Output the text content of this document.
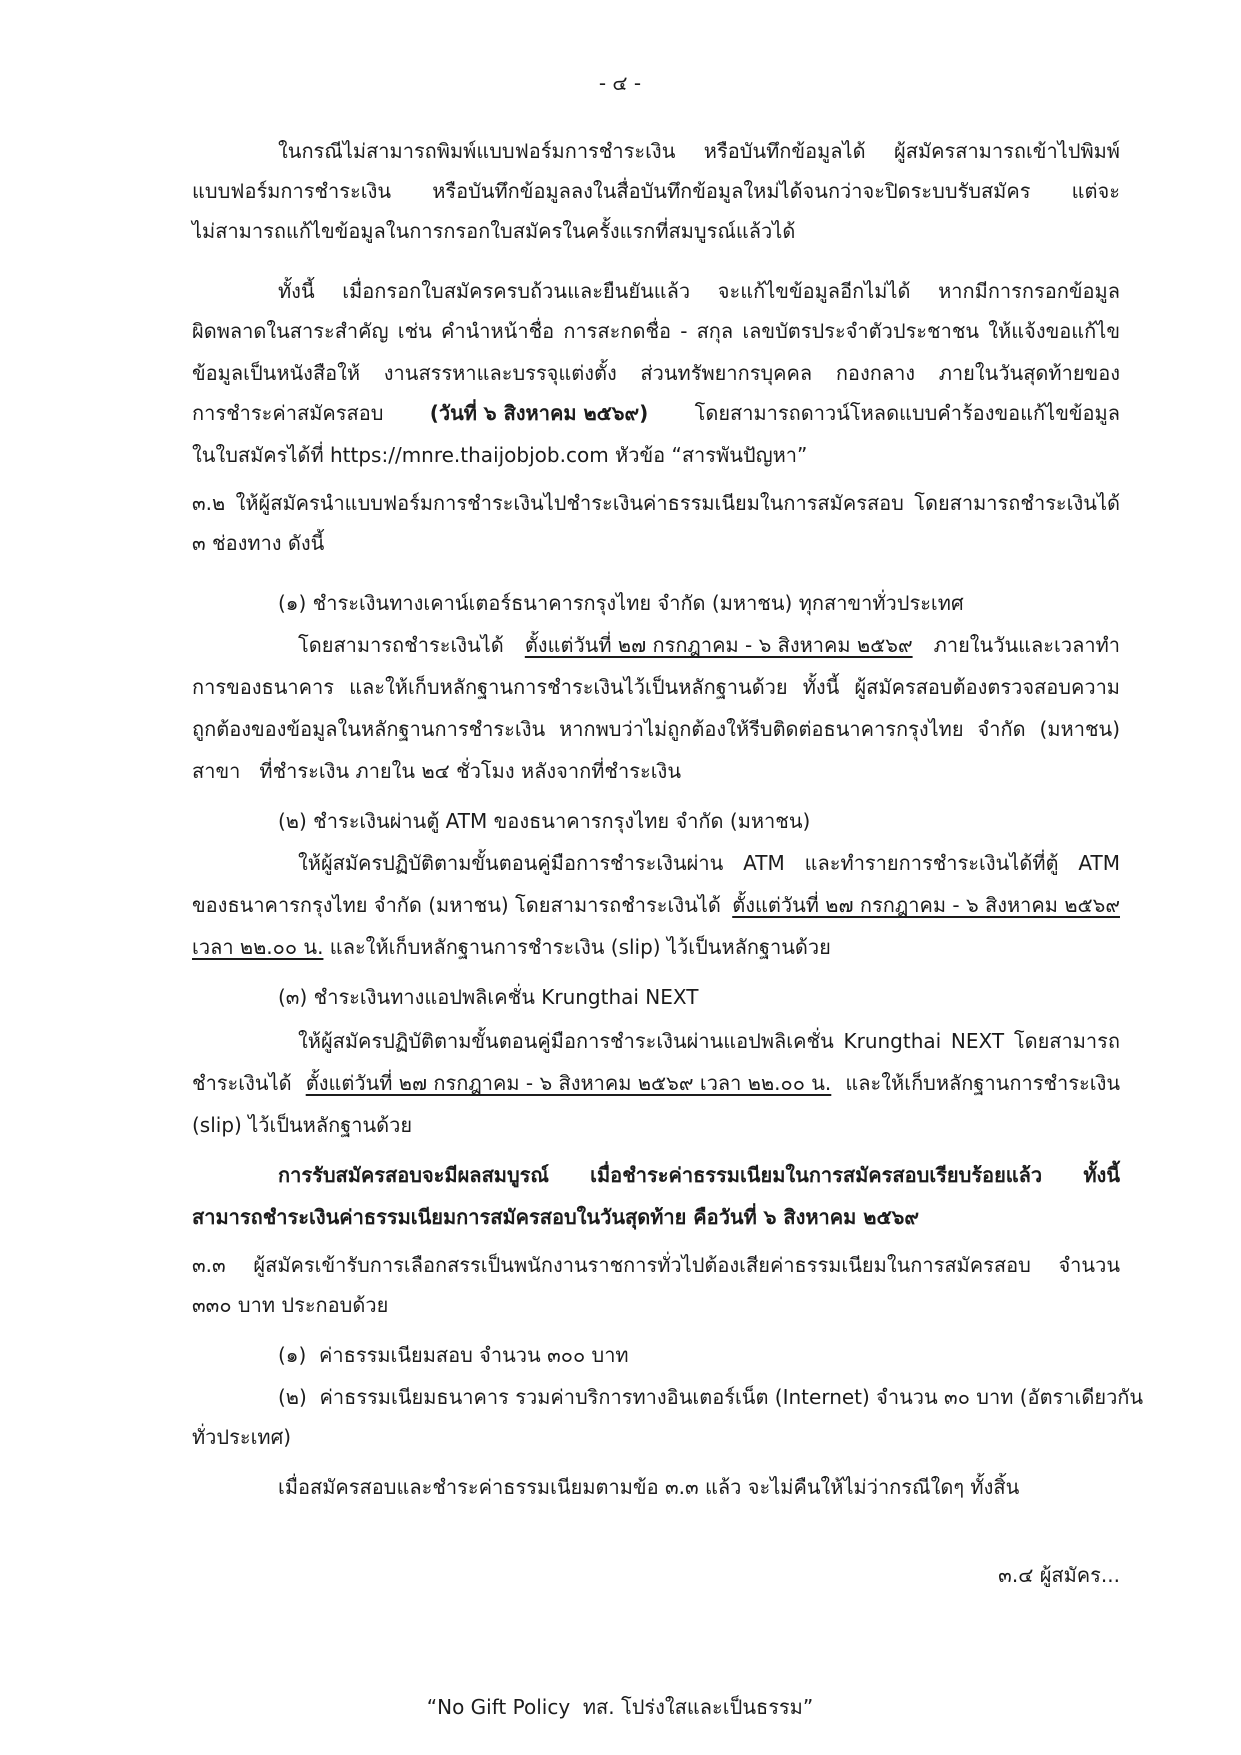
- ๔ -
ในกรณีไม่สามารถพิมพ์แบบฟอร์มการชำระเงิน หรือบันทึกข้อมูลได้ ผู้สมัครสามารถเข้าไปพิมพ์
แบบฟอร์มการชำระเงิน หรือบันทึกข้อมูลลงในสื่อบันทึกข้อมูลใหม่ได้จนกว่าจะปิดระบบรับสมัคร แต่จะ
ไม่สามารถแก้ไขข้อมูลในการกรอกใบสมัครในครั้งแรกที่สมบูรณ์แล้วได้
ทั้งนี้ เมื่อกรอกใบสมัครครบถ้วนและยืนยันแล้ว จะแก้ไขข้อมูลอีกไม่ได้ หากมีการกรอกข้อมูล
ผิดพลาดในสาระสำคัญ เช่น คำนำหน้าชื่อ การสะกดชื่อ - สกุล เลขบัตรประจำตัวประชาชน ให้แจ้งขอแก้ไข
ข้อมูลเป็นหนังสือให้ งานสรรหาและบรรจุแต่งตั้ง ส่วนทรัพยากรบุคคล กองกลาง ภายในวันสุดท้ายของ
การชำระค่าสมัครสอบ (วันที่ ๖ สิงหาคม ๒๕๖๙) โดยสามารถดาวน์โหลดแบบคำร้องขอแก้ไขข้อมูล
ในใบสมัครได้ที่ https://mnre.thaijobjob.com หัวข้อ “สารพันปัญหา”
๓.๒ ให้ผู้สมัครนำแบบฟอร์มการชำระเงินไปชำระเงินค่าธรรมเนียมในการสมัครสอบ โดยสามารถชำระเงินได้
๓ ช่องทาง ดังนี้
(๑) ชำระเงินทางเคาน์เตอร์ธนาคารกรุงไทย จำกัด (มหาชน) ทุกสาขาทั่วประเทศ
โดยสามารถชำระเงินได้ ตั้งแต่วันที่ ๒๗ กรกฎาคม - ๖ สิงหาคม ๒๕๖๙ ภายในวันและเวลาทำ
การของธนาคาร และให้เก็บหลักฐานการชำระเงินไว้เป็นหลักฐานด้วย ทั้งนี้ ผู้สมัครสอบต้องตรวจสอบความ
ถูกต้องของข้อมูลในหลักฐานการชำระเงิน หากพบว่าไม่ถูกต้องให้รีบติดต่อธนาคารกรุงไทย จำกัด (มหาชน)
สาขา   ที่ชำระเงิน ภายใน ๒๔ ชั่วโมง หลังจากที่ชำระเงิน
(๒) ชำระเงินผ่านตู้ ATM ของธนาคารกรุงไทย จำกัด (มหาชน)
ให้ผู้สมัครปฏิบัติตามขั้นตอนคู่มือการชำระเงินผ่าน ATM และทำรายการชำระเงินได้ที่ตู้ ATM
ของธนาคารกรุงไทย จำกัด (มหาชน) โดยสามารถชำระเงินได้ ตั้งแต่วันที่ ๒๗ กรกฎาคม - ๖ สิงหาคม ๒๕๖๙
เวลา ๒๒.๐๐ น. และให้เก็บหลักฐานการชำระเงิน (slip) ไว้เป็นหลักฐานด้วย
(๓) ชำระเงินทางแอปพลิเคชั่น Krungthai NEXT
ให้ผู้สมัครปฏิบัติตามขั้นตอนคู่มือการชำระเงินผ่านแอปพลิเคชั่น Krungthai NEXT โดยสามารถ
ชำระเงินได้ ตั้งแต่วันที่ ๒๗ กรกฎาคม - ๖ สิงหาคม ๒๕๖๙ เวลา ๒๒.๐๐ น. และให้เก็บหลักฐานการชำระเงิน
(slip) ไว้เป็นหลักฐานด้วย
การรับสมัครสอบจะมีผลสมบูรณ์ เมื่อชำระค่าธรรมเนียมในการสมัครสอบเรียบร้อยแล้ว ทั้งนี้
สามารถชำระเงินค่าธรรมเนียมการสมัครสอบในวันสุดท้าย คือวันที่ ๖ สิงหาคม ๒๕๖๙
๓.๓ ผู้สมัครเข้ารับการเลือกสรรเป็นพนักงานราชการทั่วไปต้องเสียค่าธรรมเนียมในการสมัครสอบ จำนวน
๓๓๐ บาท ประกอบด้วย
(๑)  ค่าธรรมเนียมสอบ จำนวน ๓๐๐ บาท
(๒)  ค่าธรรมเนียมธนาคาร รวมค่าบริการทางอินเตอร์เน็ต (Internet) จำนวน ๓๐ บาท (อัตราเดียวกัน
ทั่วประเทศ)
เมื่อสมัครสอบและชำระค่าธรรมเนียมตามข้อ ๓.๓ แล้ว จะไม่คืนให้ไม่ว่ากรณีใดๆ ทั้งสิ้น
๓.๔ ผู้สมัคร...
“No Gift Policy  ทส. โปร่งใสและเป็นธรรม”
